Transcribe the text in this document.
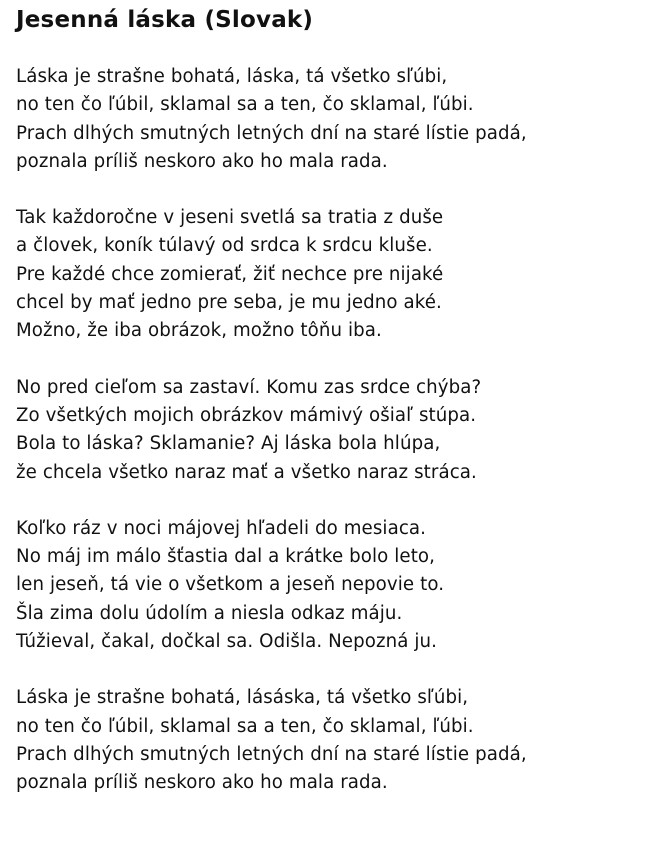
Jesenná láska (Slovak)
Láska je strašne bohatá, láska, tá všetko sľúbi,
no ten čo ľúbil, sklamal sa a ten, čo sklamal, ľúbi.
Prach dlhých smutných letných dní na staré lístie padá,
poznala príliš neskoro ako ho mala rada.
Tak každoročne v jeseni svetlá sa tratia z duše
a človek, koník túlavý od srdca k srdcu kluše.
Pre každé chce zomierať, žiť nechce pre nijaké
chcel by mať jedno pre seba, je mu jedno aké.
Možno, že iba obrázok, možno tôňu iba.
No pred cieľom sa zastaví. Komu zas srdce chýba?
Zo všetkých mojich obrázkov mámivý ošiaľ stúpa.
Bola to láska? Sklamanie? Aj láska bola hlúpa,
že chcela všetko naraz mať a všetko naraz stráca.
Koľko ráz v noci májovej hľadeli do mesiaca.
No máj im málo šťastia dal a krátke bolo leto,
len jeseň, tá vie o všetkom a jeseň nepovie to.
Šla zima dolu údolím a niesla odkaz máju.
Túžieval, čakal, dočkal sa. Odišla. Nepozná ju.
Láska je strašne bohatá, lásáska, tá všetko sľúbi,
no ten čo ľúbil, sklamal sa a ten, čo sklamal, ľúbi.
Prach dlhých smutných letných dní na staré lístie padá,
poznala príliš neskoro ako ho mala rada.
